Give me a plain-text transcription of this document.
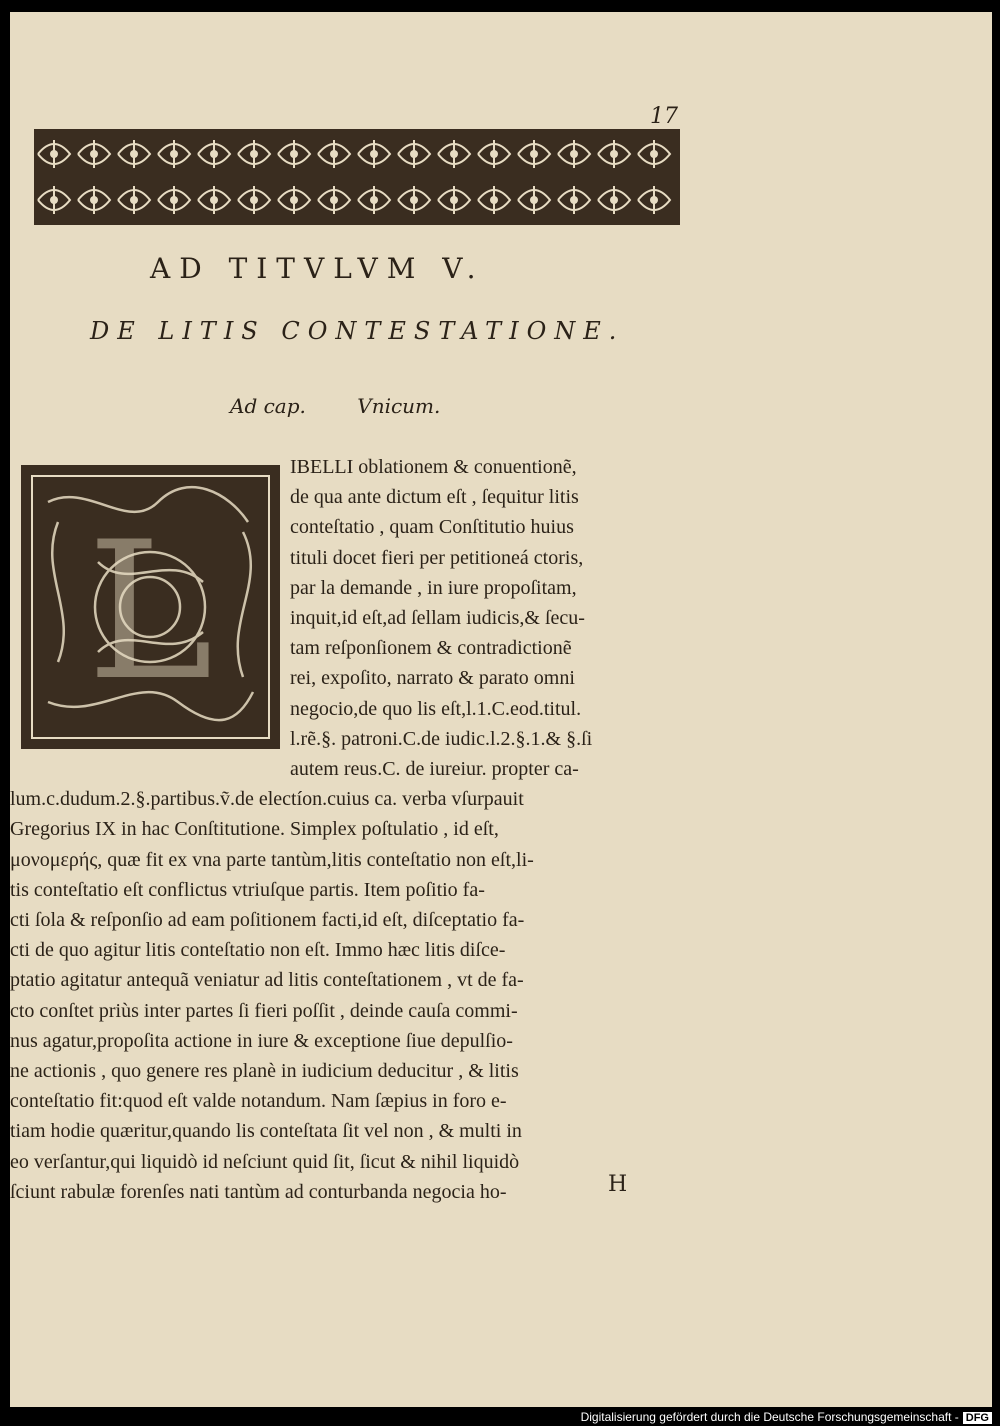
17
AD TITVLVM V.
DE LITIS CONTESTATIONE.
Ad cap.	Vnicum.
L
IBELLI oblationem & conuentionẽ,
de qua ante dictum eſt , ſequitur litis
conteſtatio , quam Conſtitutio huius
tituli docet fieri per petitioneá ctoris,
par la demande , in iure propoſitam,
inquit,id eſt,ad ſellam iudicis,& ſecu-
tam reſponſionem & contradictionẽ
rei, expoſito, narrato & parato omni
negocio,de quo lis eſt,l.1.C.eod.titul.
l.rẽ.§. patroni.C.de iudic.l.2.§.1.& §.ſi
autem reus.C. de iureiur. propter ca-
lum.c.dudum.2.§.partibus.ṽ.de electíon.cuius ca. verba vſurpauit
Gregorius IX in hac Conſtitutione. Simplex poſtulatio , id eſt,
μονομερής, quæ fit ex vna parte tantùm,litis conteſtatio non eſt,li-
tis conteſtatio eſt conflictus vtriuſque partis. Item poſitio fa-
cti ſola & reſponſio ad eam poſitionem facti,id eſt, diſceptatio fa-
cti de quo agitur litis conteſtatio non eſt. Immo hæc litis diſce-
ptatio agitatur antequã veniatur ad litis conteſtationem , vt de fa-
cto conſtet priùs inter partes ſi fieri poſſit , deinde cauſa commi-
nus agatur,propoſita actione in iure & exceptione ſiue depulſio-
ne actionis , quo genere res planè in iudicium deducitur , & litis
conteſtatio fit:quod eſt valde notandum. Nam ſæpius in foro e-
tiam hodie quæritur,quando lis conteſtata ſit vel non , & multi in
eo verſantur,qui liquidò id neſciunt quid ſit, ſicut & nihil liquidò
ſciunt rabulæ forenſes nati tantùm ad conturbanda negocia ho-	H
Digitalisierung gefördert durch die Deutsche Forschungsgemeinschaft - DFG
